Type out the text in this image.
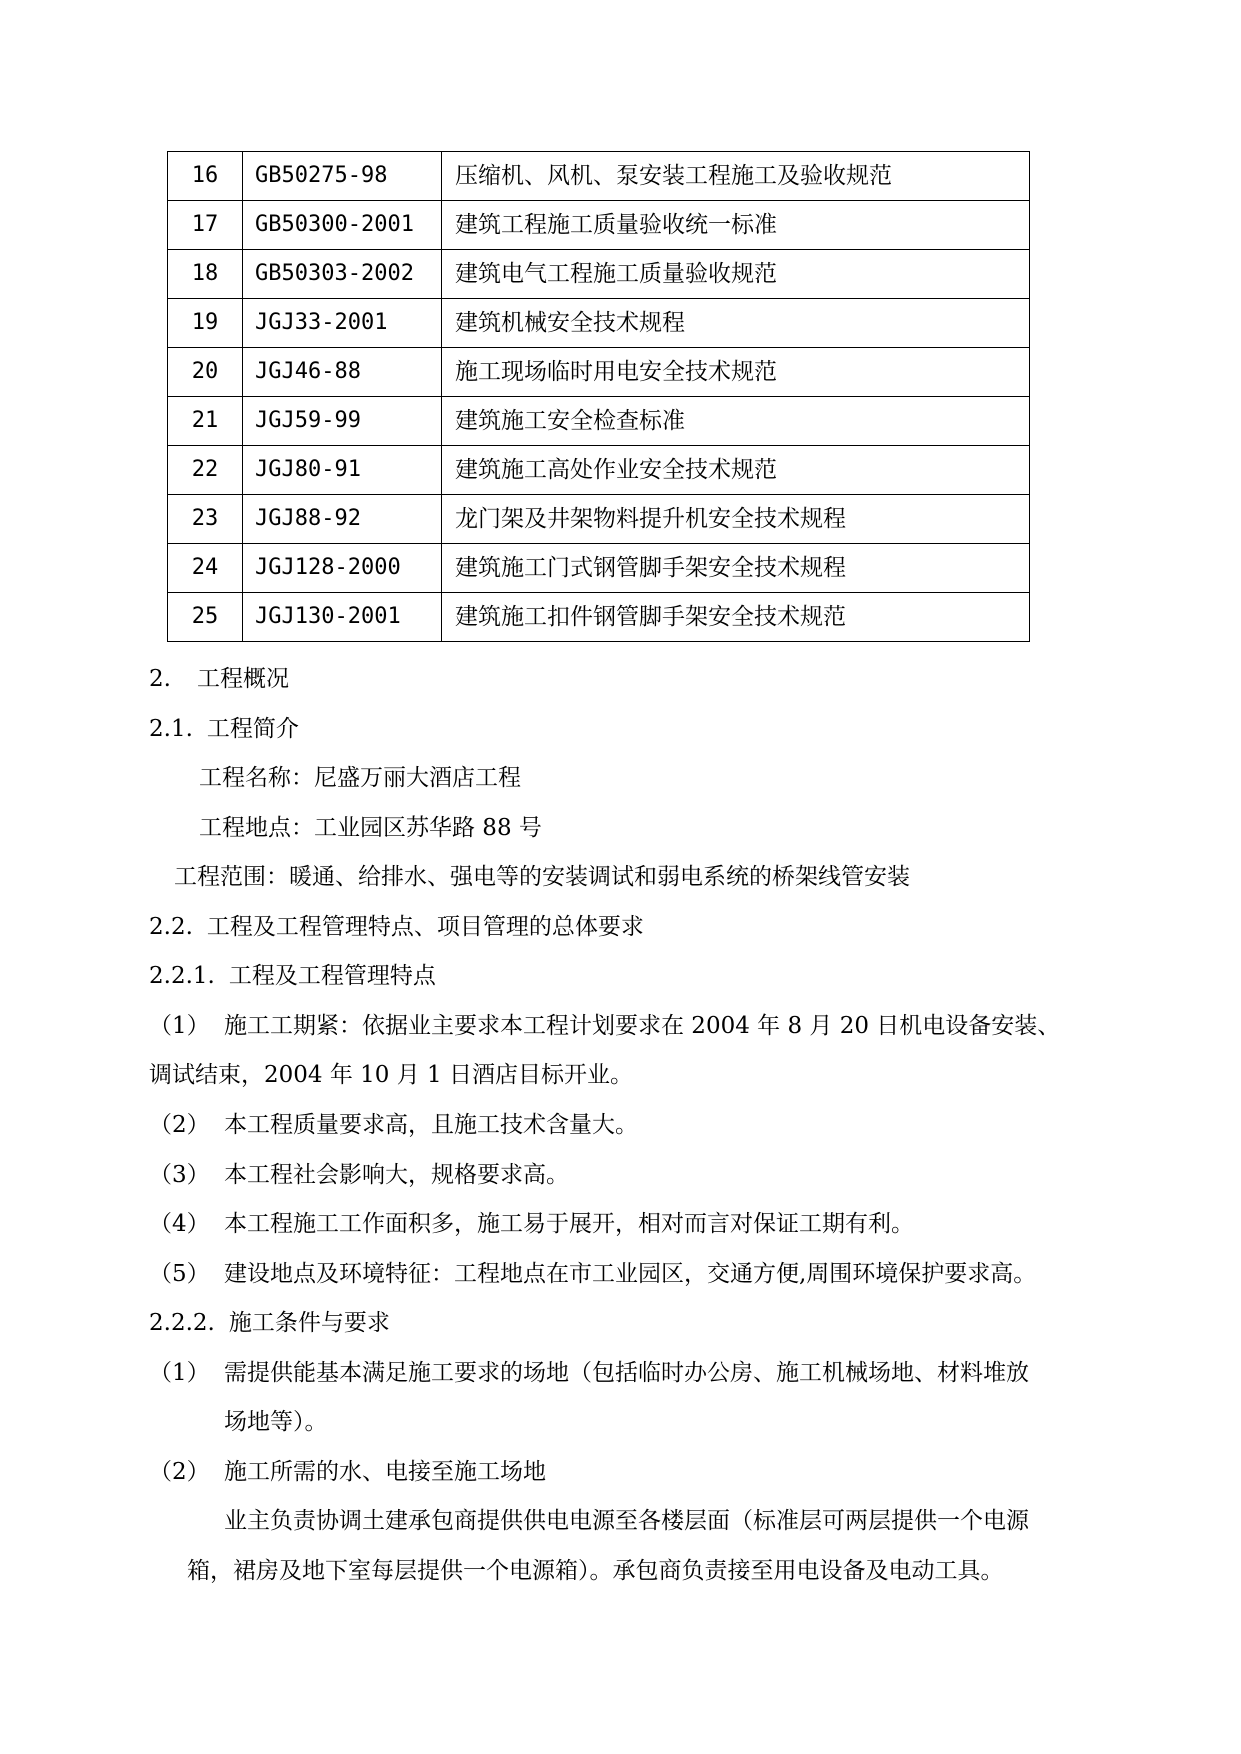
16	GB50275-98	压缩机、风机、泵安装工程施工及验收规范
17	GB50300-2001	建筑工程施工质量验收统一标准
18	GB50303-2002	建筑电气工程施工质量验收规范
19	JGJ33-2001	建筑机械安全技术规程
20	JGJ46-88	施工现场临时用电安全技术规范
21	JGJ59-99	建筑施工安全检查标准
22	JGJ80-91	建筑施工高处作业安全技术规范
23	JGJ88-92	龙门架及井架物料提升机安全技术规程
24	JGJ128-2000	建筑施工门式钢管脚手架安全技术规程
25	JGJ130-2001	建筑施工扣件钢管脚手架安全技术规范
2. 工程概况
2.1. 工程简介
工程名称：尼盛万丽大酒店工程
工程地点：工业园区苏华路 88 号
工程范围：暖通、给排水、强电等的安装调试和弱电系统的桥架线管安装
2.2. 工程及工程管理特点、项目管理的总体要求
2.2.1. 工程及工程管理特点
（1） 施工工期紧：依据业主要求本工程计划要求在 2004 年 8 月 20 日机电设备安装、
调试结束，2004 年 10 月 1 日酒店目标开业。
（2） 本工程质量要求高，且施工技术含量大。
（3） 本工程社会影响大，规格要求高。
（4） 本工程施工工作面积多，施工易于展开，相对而言对保证工期有利。
（5） 建设地点及环境特征：工程地点在市工业园区，交通方便,周围环境保护要求高。
2.2.2. 施工条件与要求
（1） 需提供能基本满足施工要求的场地（包括临时办公房、施工机械场地、材料堆放
场地等）。
（2） 施工所需的水、电接至施工场地
业主负责协调土建承包商提供供电电源至各楼层面（标准层可两层提供一个电源
箱，裙房及地下室每层提供一个电源箱）。承包商负责接至用电设备及电动工具。
